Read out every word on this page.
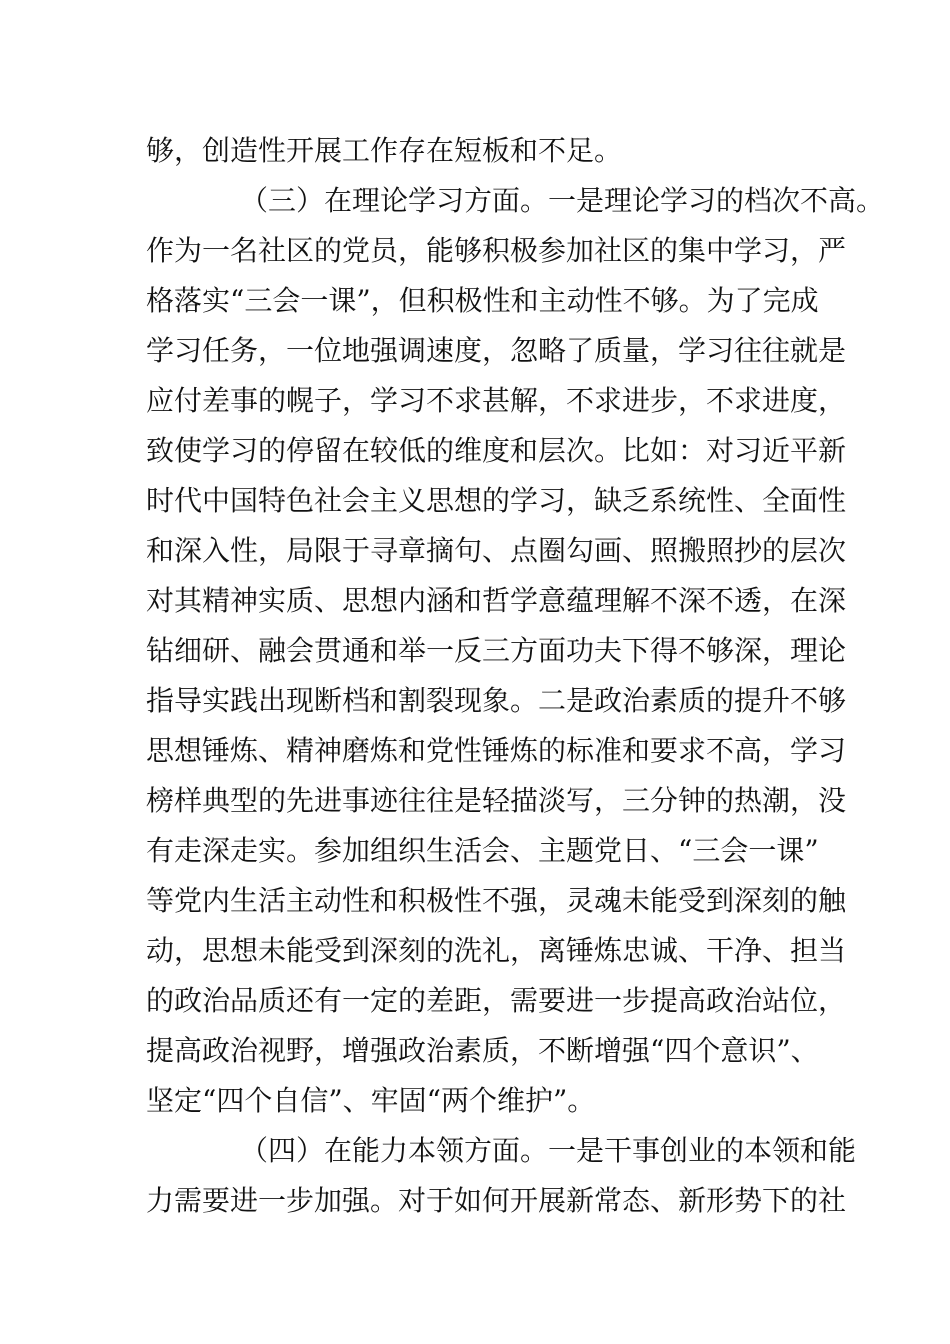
够，创造性开展工作存在短板和不足。
（三）在理论学习方面。一是理论学习的档次不高。
作为一名社区的党员，能够积极参加社区的集中学习，严
格落实“三会一课”，但积极性和主动性不够。为了完成
学习任务，一位地强调速度，忽略了质量，学习往往就是
应付差事的幌子，学习不求甚解，不求进步，不求进度，
致使学习的停留在较低的维度和层次。比如：对习近平新
时代中国特色社会主义思想的学习，缺乏系统性、全面性
和深入性，局限于寻章摘句、点圈勾画、照搬照抄的层次
对其精神实质、思想内涵和哲学意蕴理解不深不透，在深
钻细研、融会贯通和举一反三方面功夫下得不够深，理论
指导实践出现断档和割裂现象。二是政治素质的提升不够
思想锤炼、精神磨炼和党性锤炼的标准和要求不高，学习
榜样典型的先进事迹往往是轻描淡写，三分钟的热潮，没
有走深走实。参加组织生活会、主题党日、“三会一课”
等党内生活主动性和积极性不强，灵魂未能受到深刻的触
动，思想未能受到深刻的洗礼，离锤炼忠诚、干净、担当
的政治品质还有一定的差距，需要进一步提高政治站位，
提高政治视野，增强政治素质，不断增强“四个意识”、
坚定“四个自信”、牢固“两个维护”。
（四）在能力本领方面。一是干事创业的本领和能
力需要进一步加强。对于如何开展新常态、新形势下的社
